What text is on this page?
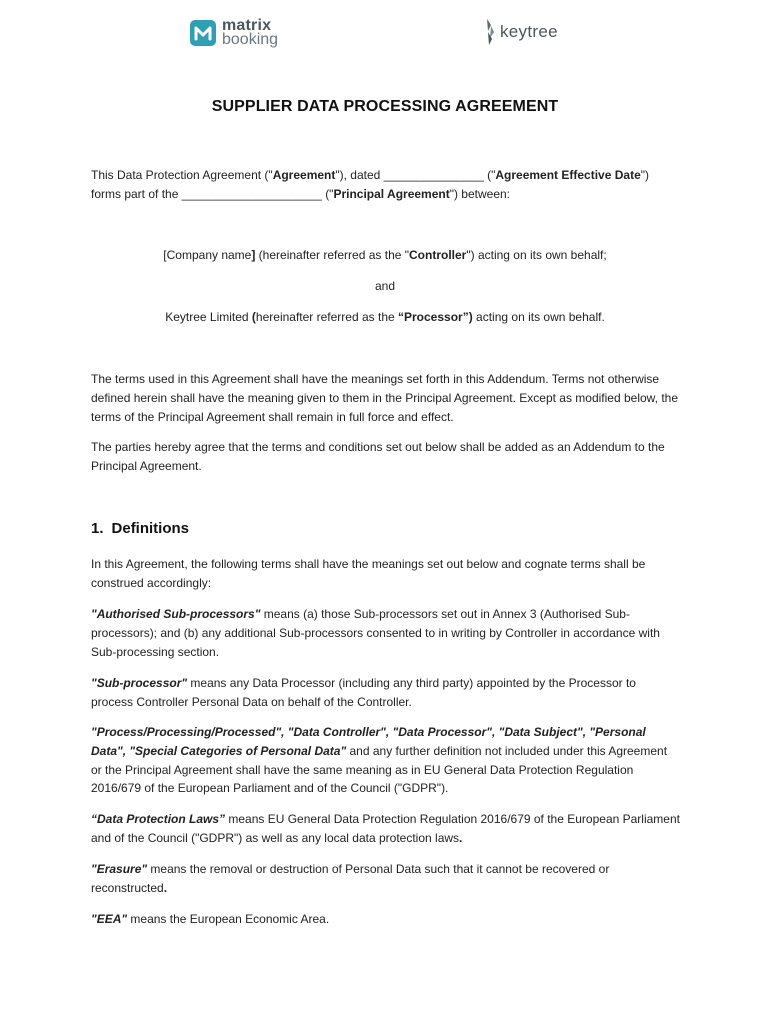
matrix
booking	keytree
SUPPLIER DATA PROCESSING AGREEMENT
This Data Protection Agreement ("Agreement"), dated _______________ ("Agreement Effective Date") forms part of the _____________________ ("Principal Agreement") between:
[Company name] (hereinafter referred as the "Controller") acting on its own behalf;
and
Keytree Limited (hereinafter referred as the “Processor”) acting on its own behalf.
The terms used in this Agreement shall have the meanings set forth in this Addendum. Terms not otherwise defined herein shall have the meaning given to them in the Principal Agreement. Except as modified below, the terms of the Principal Agreement shall remain in full force and effect.
The parties hereby agree that the terms and conditions set out below shall be added as an Addendum to the Principal Agreement.
1. Definitions
In this Agreement, the following terms shall have the meanings set out below and cognate terms shall be construed accordingly:
"Authorised Sub-processors" means (a) those Sub-processors set out in Annex 3 (Authorised Sub-processors); and (b) any additional Sub-processors consented to in writing by Controller in accordance with Sub-processing section.
"Sub-processor" means any Data Processor (including any third party) appointed by the Processor to process Controller Personal Data on behalf of the Controller.
"Process/Processing/Processed", "Data Controller", "Data Processor", "Data Subject", "Personal Data", "Special Categories of Personal Data" and any further definition not included under this Agreement or the Principal Agreement shall have the same meaning as in EU General Data Protection Regulation 2016/679 of the European Parliament and of the Council ("GDPR").
“Data Protection Laws” means EU General Data Protection Regulation 2016/679 of the European Parliament and of the Council ("GDPR") as well as any local data protection laws.
"Erasure" means the removal or destruction of Personal Data such that it cannot be recovered or reconstructed.
"EEA" means the European Economic Area.
